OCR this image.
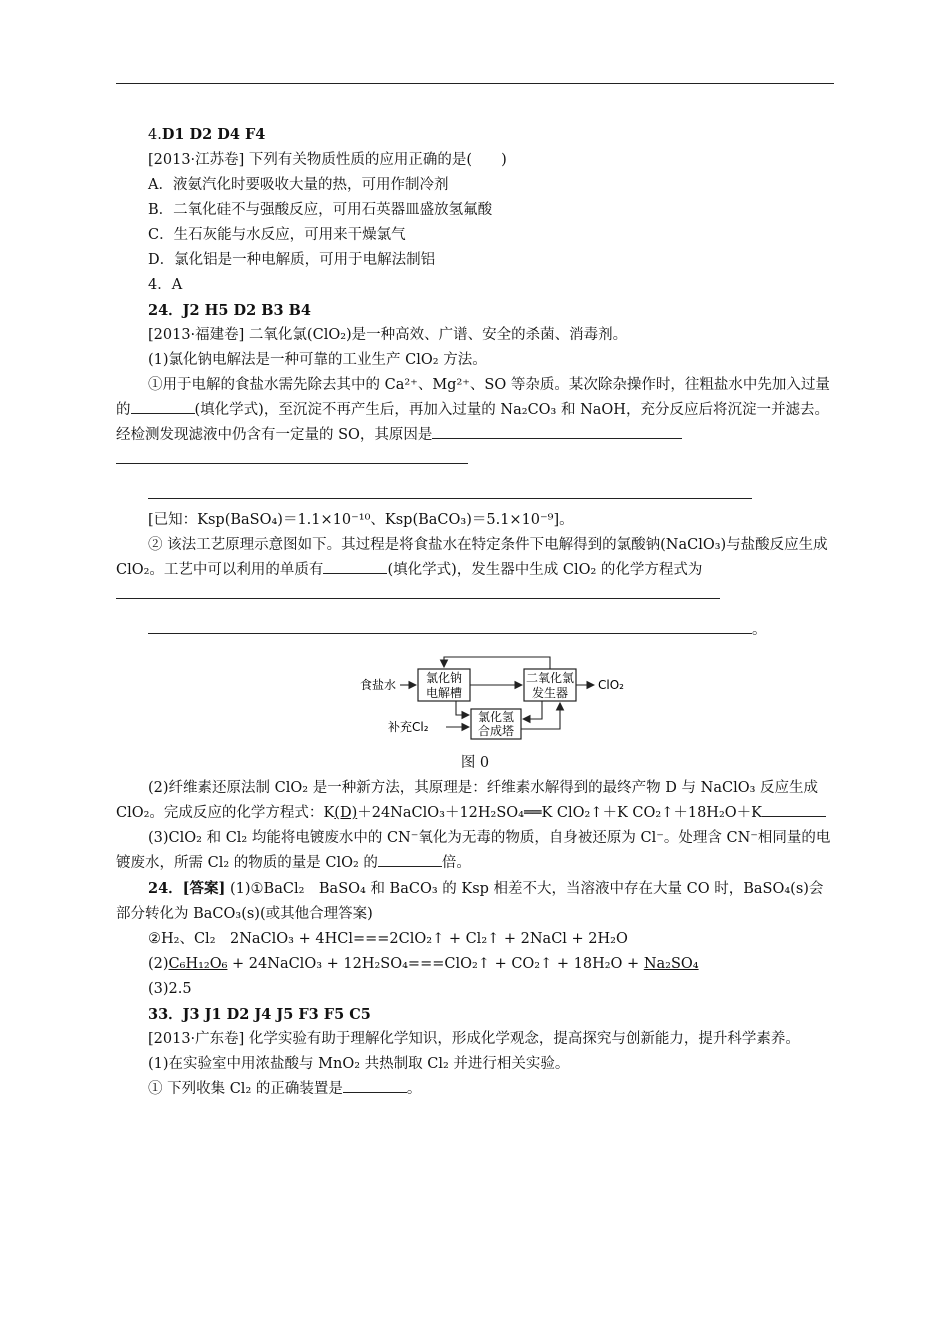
4.D1 D2 D4 F4
[2013·江苏卷] 下列有关物质性质的应用正确的是(　　)
A．液氨汽化时要吸收大量的热，可用作制冷剂
B．二氧化硅不与强酸反应，可用石英器皿盛放氢氟酸
C．生石灰能与水反应，可用来干燥氯气
D．氯化铝是一种电解质，可用于电解法制铝
4．A
24．J2 H5 D2 B3 B4
[2013·福建卷] 二氧化氯(ClO₂)是一种高效、广谱、安全的杀菌、消毒剂。
(1)氯化钠电解法是一种可靠的工业生产 ClO₂ 方法。
①用于电解的食盐水需先除去其中的 Ca²⁺、Mg²⁺、SO 等杂质。某次除杂操作时，往粗盐水中先加入过量的	(填化学式)，至沉淀不再产生后，再加入过量的 Na₂CO₃ 和 NaOH，充分反应后将沉淀一并滤去。经检测发现滤液中仍含有一定量的 SO，其原因是
[已知：Ksp(BaSO₄)＝1.1×10⁻¹⁰、Ksp(BaCO₃)＝5.1×10⁻⁹]。
② 该法工艺原理示意图如下。其过程是将食盐水在特定条件下电解得到的氯酸钠(NaClO₃)与盐酸反应生成 ClO₂。工艺中可以利用的单质有	(填化学式)，发生器中生成 ClO₂ 的化学方程式为
。
氯化钠
电解槽
二氧化氯
发生器
氯化氢
合成塔
食盐水	ClO₂
补充Cl₂
图 0
(2)纤维素还原法制 ClO₂ 是一种新方法，其原理是：纤维素水解得到的最终产物 D 与 NaClO₃ 反应生成 ClO₂。完成反应的化学方程式：K(D)＋24NaClO₃＋12H₂SO₄══K ClO₂↑＋K CO₂↑＋18H₂O＋K
(3)ClO₂ 和 Cl₂ 均能将电镀废水中的 CN⁻氧化为无毒的物质，自身被还原为 Cl⁻。处理含 CN⁻相同量的电镀废水，所需 Cl₂ 的物质的量是 ClO₂ 的	倍。
24．[答案] (1)①BaCl₂　BaSO₄ 和 BaCO₃ 的 Ksp 相差不大，当溶液中存在大量 CO 时，BaSO₄(s)会部分转化为 BaCO₃(s)(或其他合理答案)
②H₂、Cl₂　2NaClO₃ + 4HCl===2ClO₂↑ + Cl₂↑ + 2NaCl + 2H₂O
(2)C₆H₁₂O₆ + 24NaClO₃ + 12H₂SO₄===ClO₂↑ + CO₂↑ + 18H₂O + Na₂SO₄
(3)2.5
33．J3 J1 D2 J4 J5 F3 F5 C5
[2013·广东卷] 化学实验有助于理解化学知识，形成化学观念，提高探究与创新能力，提升科学素养。
(1)在实验室中用浓盐酸与 MnO₂ 共热制取 Cl₂ 并进行相关实验。
① 下列收集 Cl₂ 的正确装置是	。
